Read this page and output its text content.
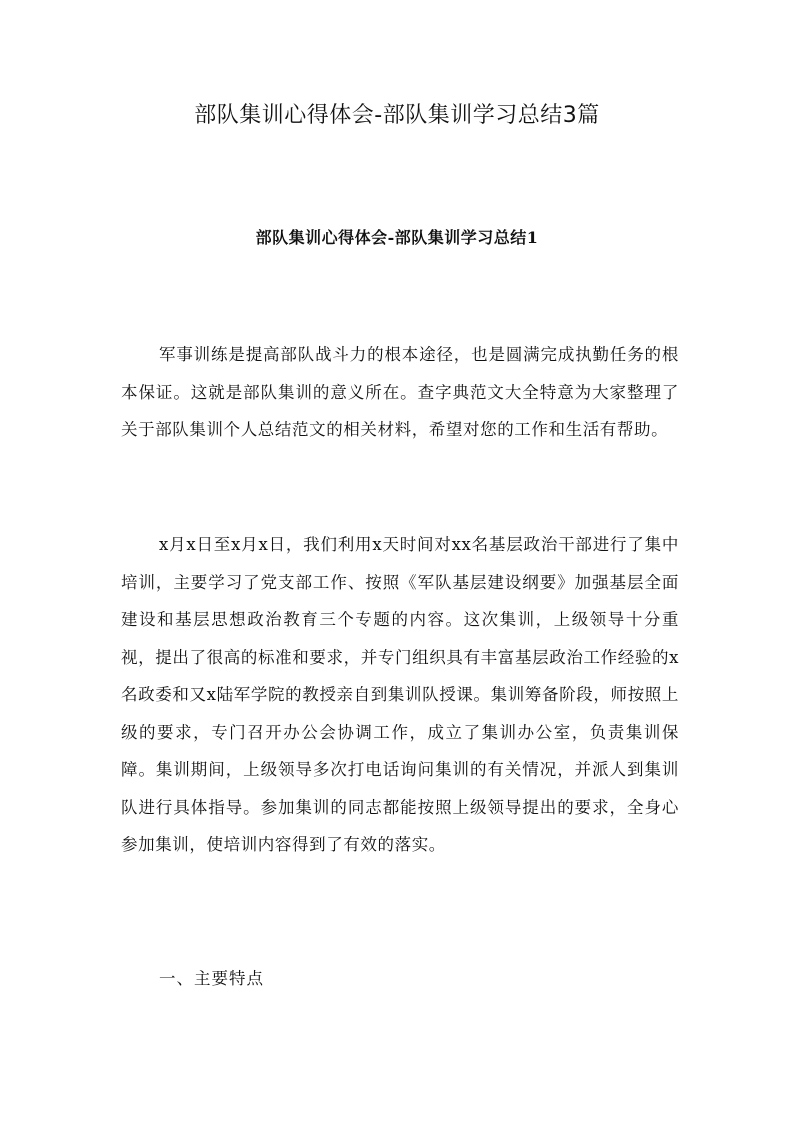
部队集训心得体会-部队集训学习总结3篇
部队集训心得体会-部队集训学习总结1

军事训练是提高部队战斗力的根本途径，也是圆满完成执勤任务的根本保证。这就是部队集训的意义所在。查字典范文大全特意为大家整理了关于部队集训个人总结范文的相关材料，希望对您的工作和生活有帮助。

x月x日至x月x日，我们利用x天时间对xx名基层政治干部进行了集中培训，主要学习了党支部工作、按照《军队基层建设纲要》加强基层全面建设和基层思想政治教育三个专题的内容。这次集训，上级领导十分重视，提出了很高的标准和要求，并专门组织具有丰富基层政治工作经验的x名政委和又x陆军学院的教授亲自到集训队授课。集训筹备阶段，师按照上级的要求，专门召开办公会协调工作，成立了集训办公室，负责集训保障。集训期间，上级领导多次打电话询问集训的有关情况，并派人到集训队进行具体指导。参加集训的同志都能按照上级领导提出的要求，全身心参加集训，使培训内容得到了有效的落实。

一、主要特点
